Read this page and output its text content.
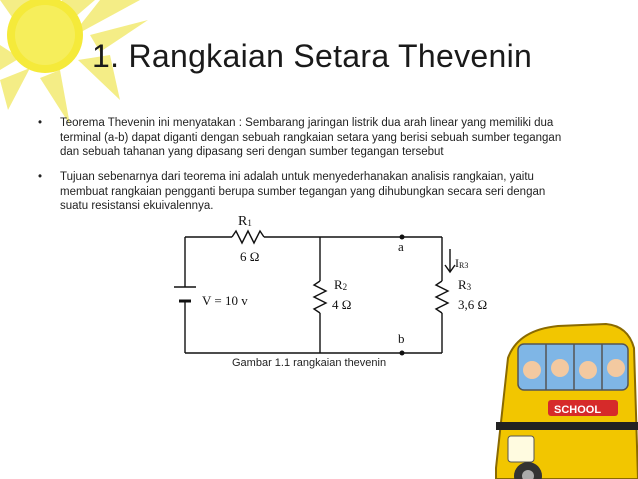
1. Rangkaian Setara Thevenin
• Teorema Thevenin ini menyatakan : Sembarang jaringan listrik dua arah linear yang memiliki dua
terminal (a-b) dapat diganti dengan sebuah rangkaian setara yang berisi sebuah sumber tegangan
dan sebuah tahanan yang dipasang seri dengan sumber tegangan tersebut
• Tujuan sebenarnya dari teorema ini adalah untuk menyederhanakan analisis rangkaian, yaitu
membuat rangkaian pengganti berupa sumber tegangan yang dihubungkan secara seri dengan
suatu resistansi ekuivalennya.
R1
6 Ω
V = 10 v
R2
4 Ω
a
b
IR3
R3
3,6 Ω
Gambar 1.1 rangkaian thevenin
SCHOOL
